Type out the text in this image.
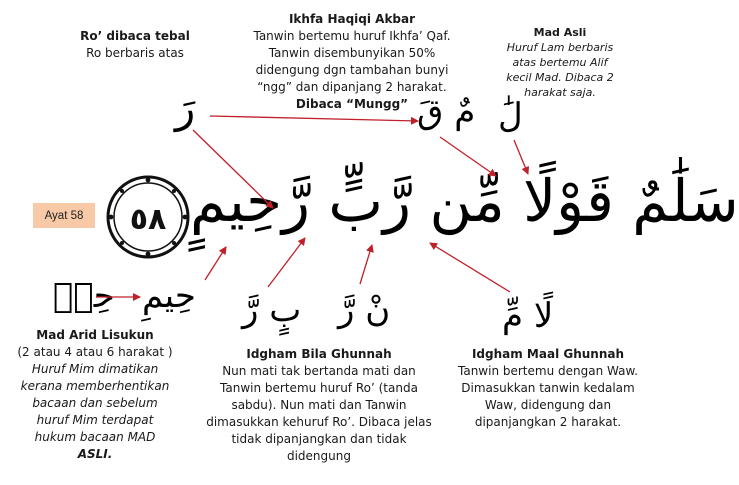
Ayat 58	٥٨ سَلَٰمٌ قَوْلًا مِّن رَّبٍّ رَّحِيمٍ
رَ	مٌ قَ لَٰ
حِيۡ حِيمِ بٍ رَّ نْ رَّ	لًا مِّ
Ro’ dibaca tebal
Ro berbaris atas
Ikhfa Haqiqi Akbar
Tanwin bertemu huruf Ikhfa’ Qaf.
Tanwin disembunyikan 50%
didengung dgn tambahan bunyi
“ngg” dan dipanjang 2 harakat.
Dibaca “Mungg”
Mad Asli
Huruf Lam berbaris
atas bertemu Alif
kecil Mad. Dibaca 2
harakat saja.
Mad Arid Lisukun
(2 atau 4 atau 6 harakat )
Huruf Mim dimatikan
kerana memberhentikan
bacaan dan sebelum
huruf Mim terdapat
hukum bacaan MAD
ASLI.
Idgham Bila Ghunnah
Nun mati tak bertanda mati dan
Tanwin bertemu huruf Ro’ (tanda
sabdu). Nun mati dan Tanwin
dimasukkan kehuruf Ro’. Dibaca jelas
tidak dipanjangkan dan tidak
didengung
Idgham Maal Ghunnah
Tanwin bertemu dengan Waw.
Dimasukkan tanwin kedalam
Waw, didengung dan
dipanjangkan 2 harakat.
